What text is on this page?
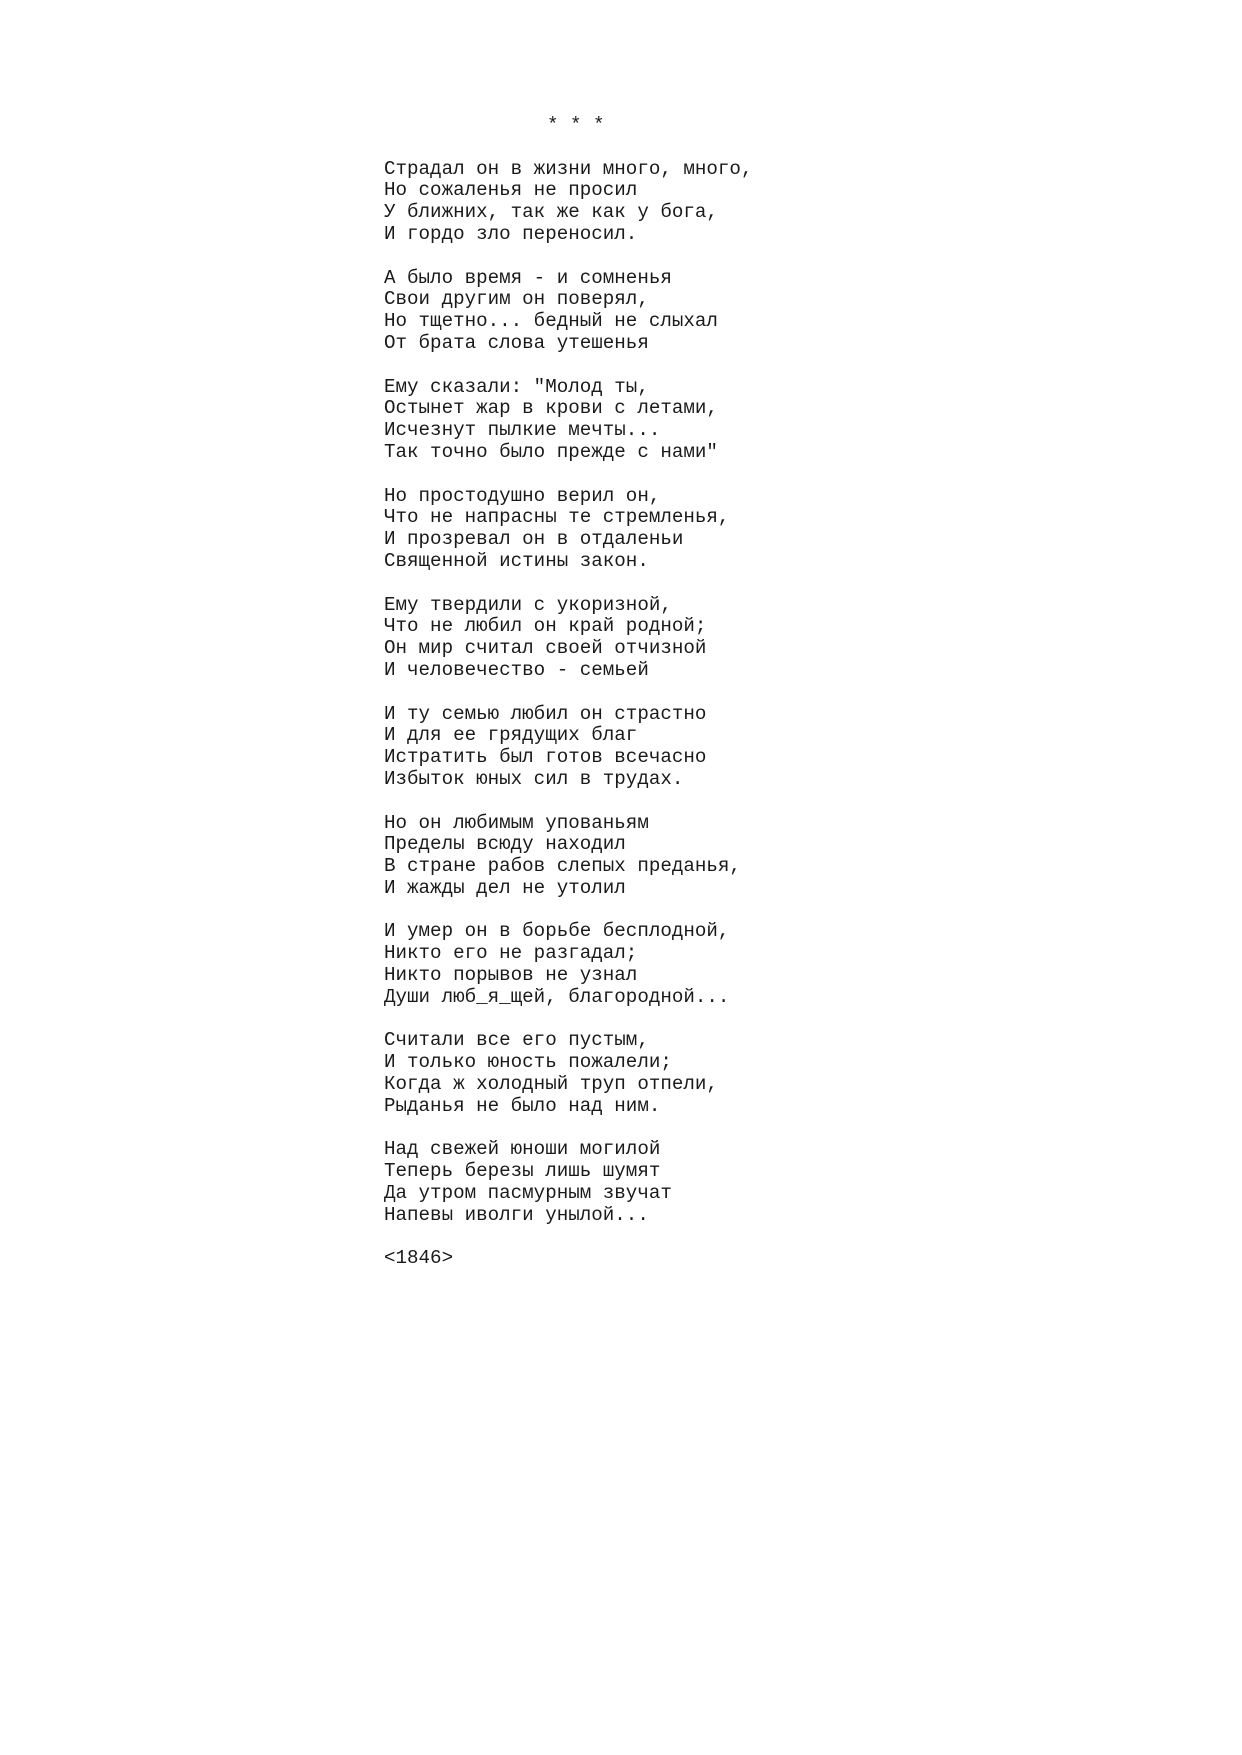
* * *
Страдал он в жизни много, много,
Но сожаленья не просил
У ближних, так же как у бога,
И гордо зло переносил.
А было время - и сомненья
Свои другим он поверял,
Но тщетно... бедный не слыхал
От брата слова утешенья
Ему сказали: "Молод ты,
Остынет жар в крови с летами,
Исчезнут пылкие мечты...
Так точно было прежде с нами"
Но простодушно верил он,
Что не напрасны те стремленья,
И прозревал он в отдаленьи
Священной истины закон.
Ему твердили с укоризной,
Что не любил он край родной;
Он мир считал своей отчизной
И человечество - семьей
И ту семью любил он страстно
И для ее грядущих благ
Истратить был готов всечасно
Избыток юных сил в трудах.
Но он любимым упованьям
Пределы всюду находил
В стране рабов слепых преданья,
И жажды дел не утолил
И умер он в борьбе бесплодной,
Никто его не разгадал;
Никто порывов не узнал
Души люб_я_щей, благородной...
Считали все его пустым,
И только юность пожалели;
Когда ж холодный труп отпели,
Рыданья не было над ним.
Над свежей юноши могилой
Теперь березы лишь шумят
Да утром пасмурным звучат
Напевы иволги унылой...
<1846>
